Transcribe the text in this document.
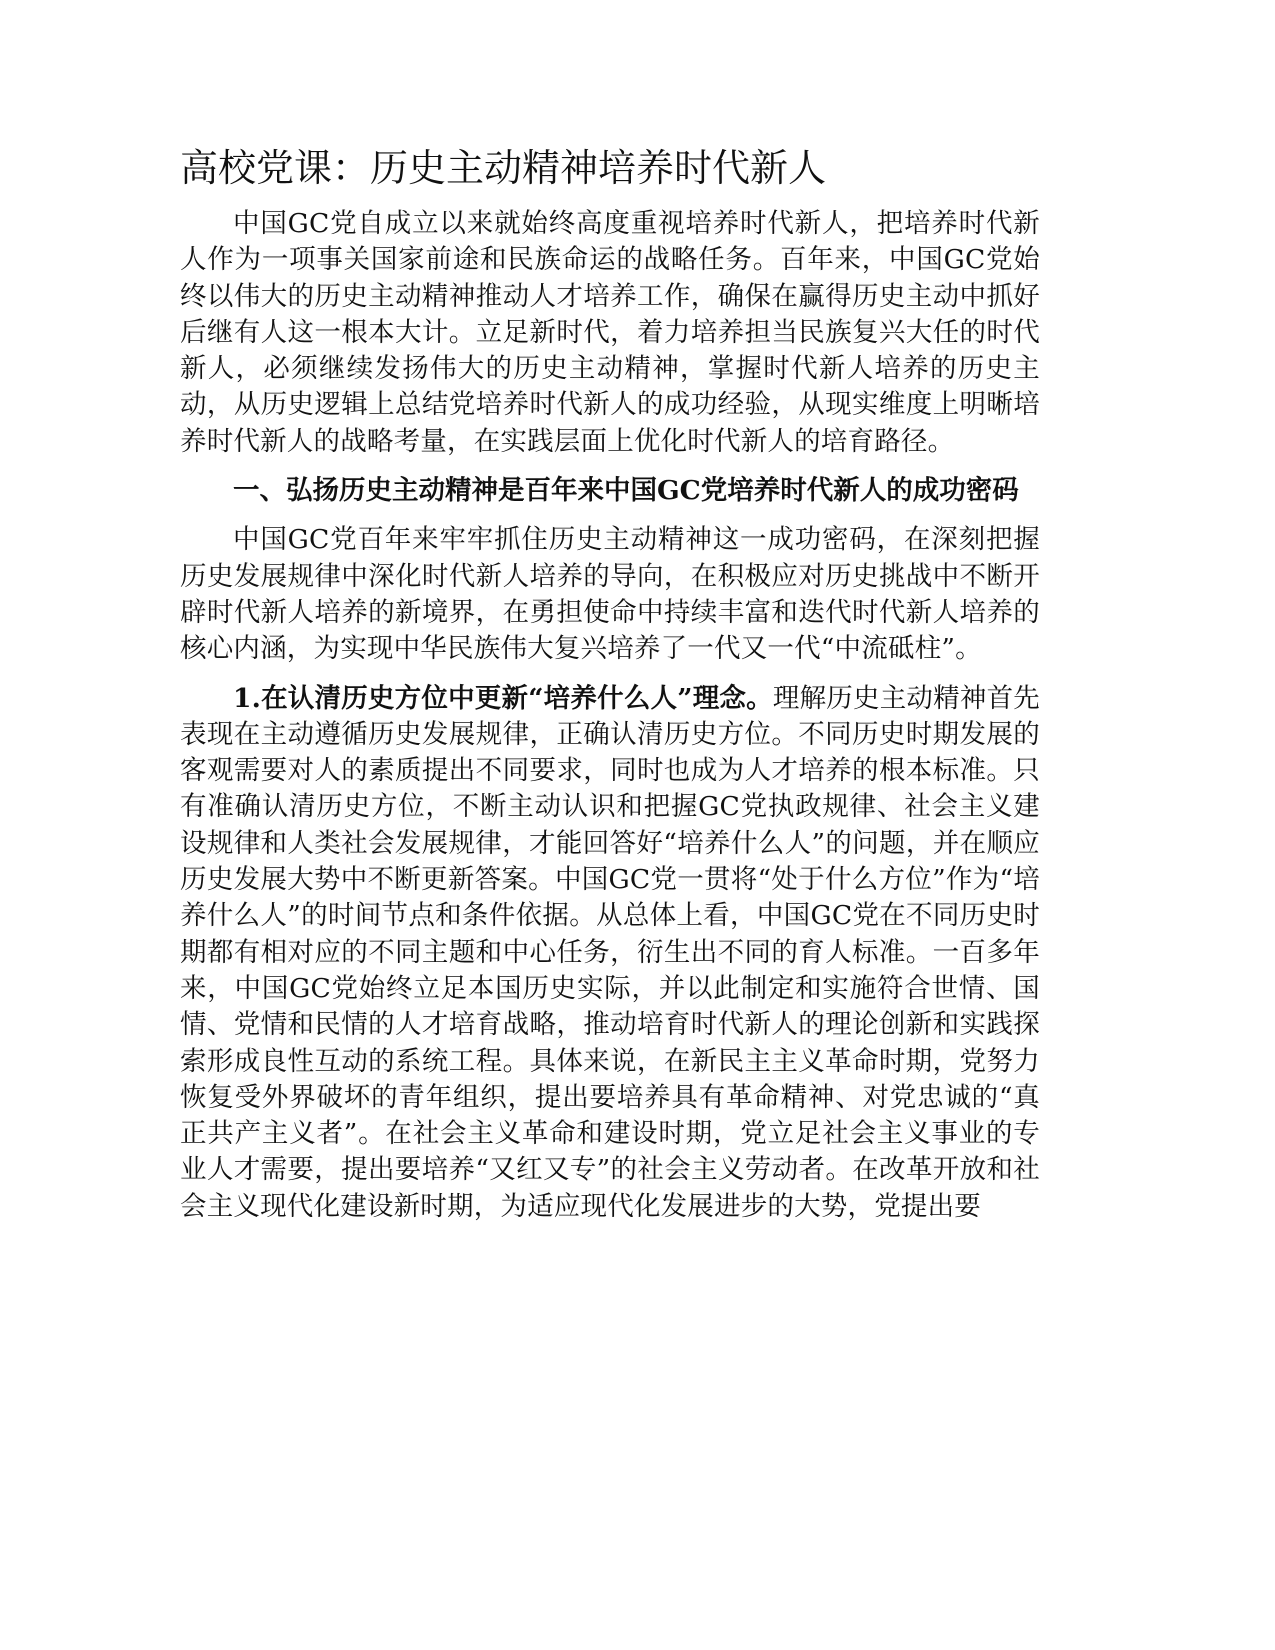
高校党课：历史主动精神培养时代新人

中国GC党自成立以来就始终高度重视培养时代新人，把培养时代新人作为一项事关国家前途和民族命运的战略任务。百年来，中国GC党始终以伟大的历史主动精神推动人才培养工作，确保在赢得历史主动中抓好后继有人这一根本大计。立足新时代，着力培养担当民族复兴大任的时代新人，必须继续发扬伟大的历史主动精神，掌握时代新人培养的历史主动，从历史逻辑上总结党培养时代新人的成功经验，从现实维度上明晰培养时代新人的战略考量，在实践层面上优化时代新人的培育路径。

一、弘扬历史主动精神是百年来中国GC党培养时代新人的成功密码

中国GC党百年来牢牢抓住历史主动精神这一成功密码，在深刻把握历史发展规律中深化时代新人培养的导向，在积极应对历史挑战中不断开辟时代新人培养的新境界，在勇担使命中持续丰富和迭代时代新人培养的核心内涵，为实现中华民族伟大复兴培养了一代又一代“中流砥柱”。

1.在认清历史方位中更新“培养什么人”理念。理解历史主动精神首先表现在主动遵循历史发展规律，正确认清历史方位。不同历史时期发展的客观需要对人的素质提出不同要求，同时也成为人才培养的根本标准。只有准确认清历史方位，不断主动认识和把握GC党执政规律、社会主义建设规律和人类社会发展规律，才能回答好“培养什么人”的问题，并在顺应历史发展大势中不断更新答案。中国GC党一贯将“处于什么方位”作为“培养什么人”的时间节点和条件依据。从总体上看，中国GC党在不同历史时期都有相对应的不同主题和中心任务，衍生出不同的育人标准。一百多年来，中国GC党始终立足本国历史实际，并以此制定和实施符合世情、国情、党情和民情的人才培育战略，推动培育时代新人的理论创新和实践探索形成良性互动的系统工程。具体来说，在新民主主义革命时期，党努力恢复受外界破坏的青年组织，提出要培养具有革命精神、对党忠诚的“真正共产主义者”。在社会主义革命和建设时期，党立足社会主义事业的专业人才需要，提出要培养“又红又专”的社会主义劳动者。在改革开放和社会主义现代化建设新时期，为适应现代化发展进步的大势，党提出要
